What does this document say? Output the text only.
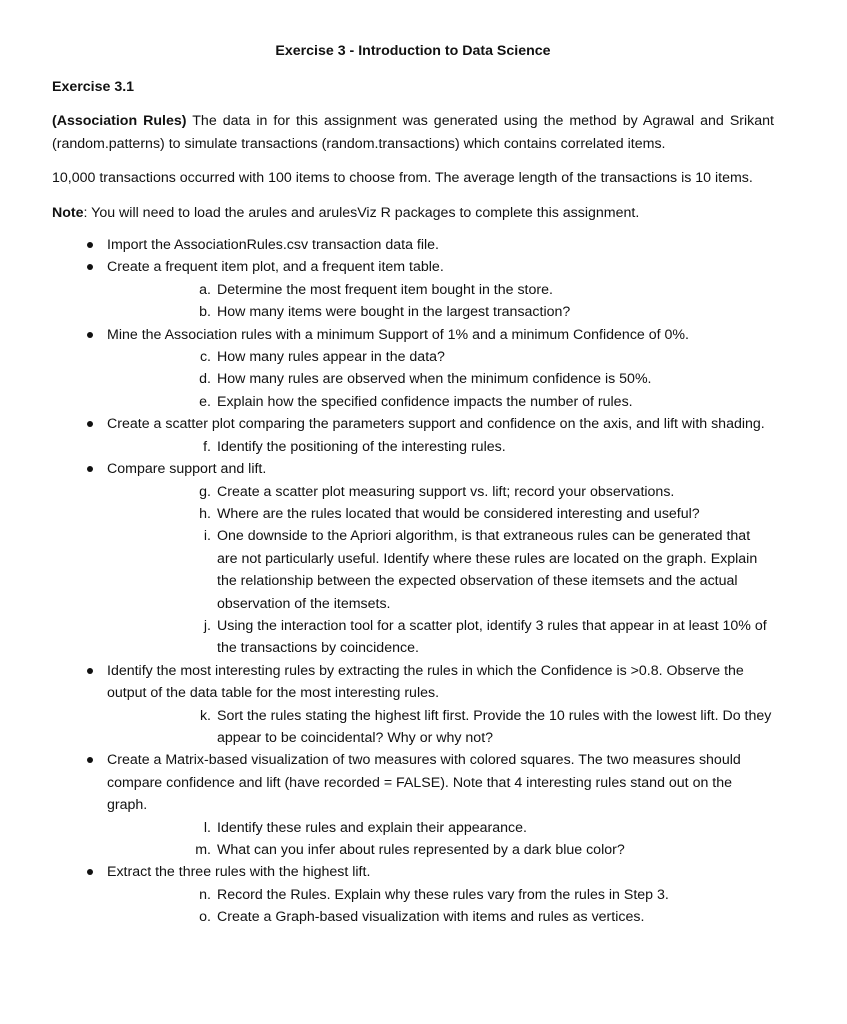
Exercise 3 - Introduction to Data Science

Exercise 3.1

(Association Rules) The data in for this assignment was generated using the method by Agrawal and Srikant (random.patterns) to simulate transactions (random.transactions) which contains correlated items.

10,000 transactions occurred with 100 items to choose from. The average length of the transactions is 10 items.

Note: You will need to load the arules and arulesViz R packages to complete this assignment.

Import the AssociationRules.csv transaction data file.
Create a frequent item plot, and a frequent item table.
a. Determine the most frequent item bought in the store.
b. How many items were bought in the largest transaction?
Mine the Association rules with a minimum Support of 1% and a minimum Confidence of 0%.
c. How many rules appear in the data?
d. How many rules are observed when the minimum confidence is 50%.
e. Explain how the specified confidence impacts the number of rules.
Create a scatter plot comparing the parameters support and confidence on the axis, and lift with shading.
f. Identify the positioning of the interesting rules.
Compare support and lift.
g. Create a scatter plot measuring support vs. lift; record your observations.
h. Where are the rules located that would be considered interesting and useful?
i. One downside to the Apriori algorithm, is that extraneous rules can be generated that are not particularly useful. Identify where these rules are located on the graph. Explain the relationship between the expected observation of these itemsets and the actual observation of the itemsets.
j. Using the interaction tool for a scatter plot, identify 3 rules that appear in at least 10% of the transactions by coincidence.
Identify the most interesting rules by extracting the rules in which the Confidence is >0.8. Observe the output of the data table for the most interesting rules.
k. Sort the rules stating the highest lift first. Provide the 10 rules with the lowest lift. Do they appear to be coincidental? Why or why not?
Create a Matrix-based visualization of two measures with colored squares. The two measures should compare confidence and lift (have recorded = FALSE). Note that 4 interesting rules stand out on the graph.
l. Identify these rules and explain their appearance.
m. What can you infer about rules represented by a dark blue color?
Extract the three rules with the highest lift.
n. Record the Rules. Explain why these rules vary from the rules in Step 3.
o. Create a Graph-based visualization with items and rules as vertices.
